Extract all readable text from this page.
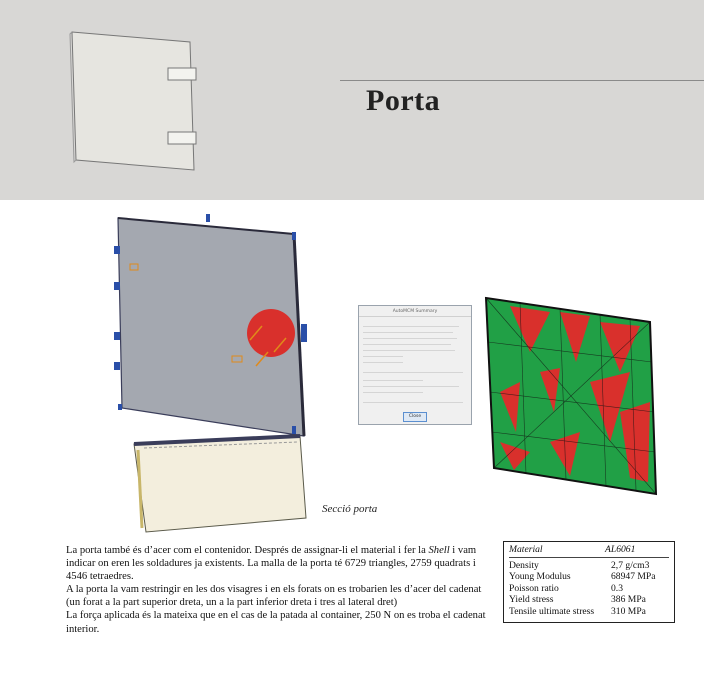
Porta
Secció porta
AutoMCM Summary
Close

La porta també és d’acer com el contenidor. Després de assignar-li el material i fer la Shell i vam indicar on eren les soldadures ja existents. La malla de la porta té 6729 triangles, 2759 quadrats i 4546 tetraedres.

A la porta la vam restringir en les dos visagres i en els forats on es trobarien les d’acer del cadenat (un forat a la part superior dreta, un a la part inferior dreta i tres al lateral dret)

La força aplicada és la mateixa que en el cas de la patada al container, 250 N on es troba el cadenat interior.

Material	AL6061
Density	2,7 g/cm3
Young Modulus	68947 MPa
Poisson ratio	0.3
Yield stress	386 MPa
Tensile ultimate stress 310 MPa
